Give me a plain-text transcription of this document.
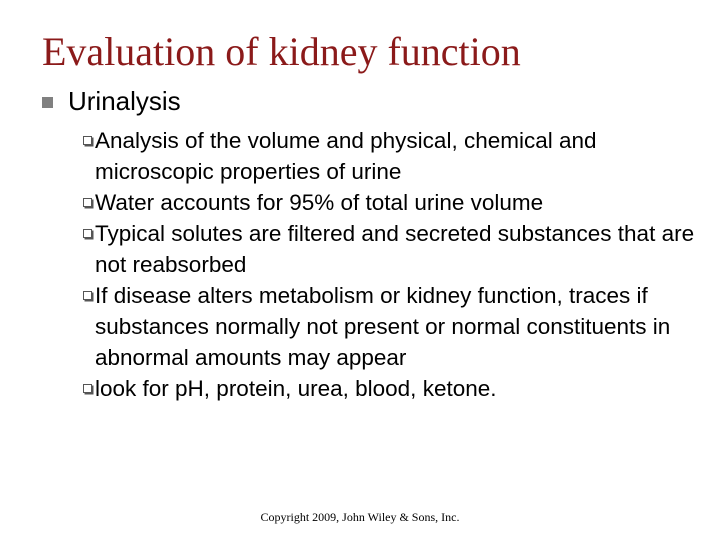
Evaluation of kidney function
Urinalysis
Analysis of the volume and physical, chemical and microscopic properties of urine
Water accounts for 95% of total urine volume
Typical solutes are filtered and secreted substances that are not reabsorbed
If disease alters metabolism or kidney function, traces if substances normally not present or normal constituents in abnormal amounts may appear
look for pH, protein, urea, blood, ketone.
Copyright 2009, John Wiley & Sons, Inc.
